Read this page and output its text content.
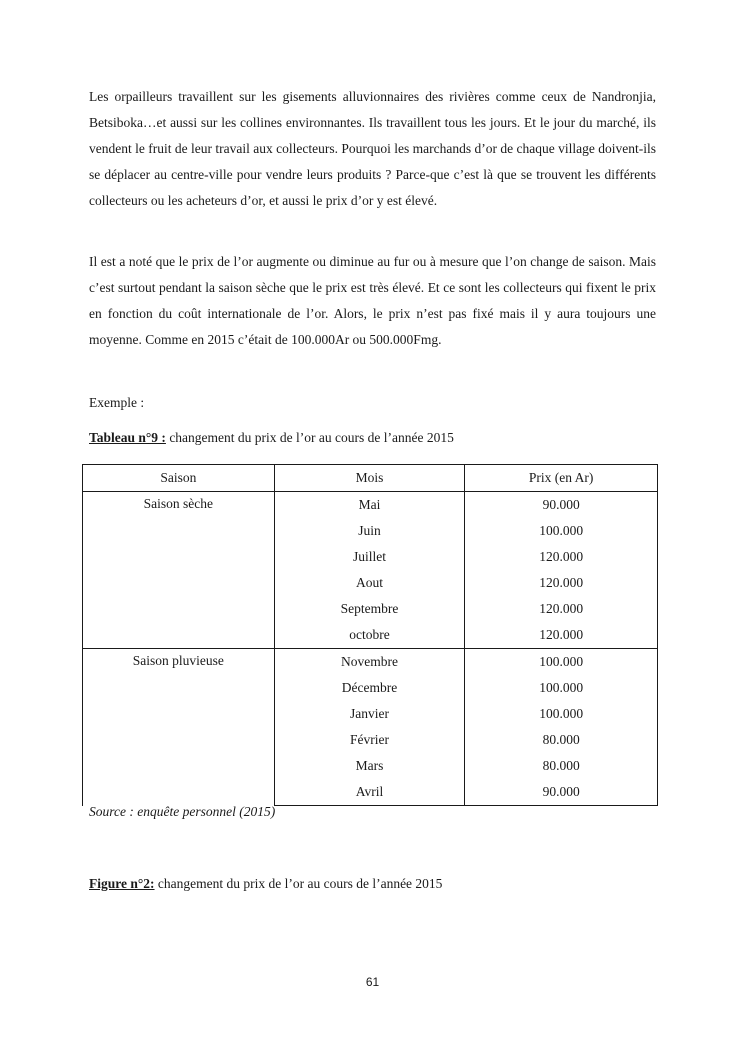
Les orpailleurs travaillent sur les gisements alluvionnaires des rivières comme ceux de Nandronjia, Betsiboka…et aussi sur les collines environnantes. Ils travaillent tous les jours. Et le jour du marché, ils vendent le fruit de leur travail aux collecteurs. Pourquoi les marchands d’or de chaque village doivent-ils se déplacer au centre-ville pour vendre leurs produits ? Parce-que c’est là que se trouvent les différents collecteurs ou les acheteurs d’or, et aussi le prix d’or y est élevé.

Il est a noté que le prix de l’or augmente ou diminue au fur ou à mesure que l’on change de saison. Mais c’est surtout pendant la saison sèche que le prix est très élevé. Et ce sont les collecteurs qui fixent le prix en fonction du coût internationale de l’or. Alors, le prix n’est pas fixé mais il y aura toujours une moyenne. Comme en 2015 c’était de 100.000Ar ou 500.000Fmg.

Exemple :

Tableau n°9 : changement du prix de l’or au cours de l’année 2015

Saison	Mois	Prix (en Ar)
Saison sèche	Mai	90.000
	Juin	100.000
	Juillet	120.000
	Aout	120.000
	Septembre	120.000
	octobre	120.000
Saison pluvieuse	Novembre	100.000
	Décembre	100.000
	Janvier	100.000
	Février	80.000
	Mars	80.000
	Avril	90.000

Source : enquête personnel (2015)

Figure n°2: changement du prix de l’or au cours de l’année 2015

61
